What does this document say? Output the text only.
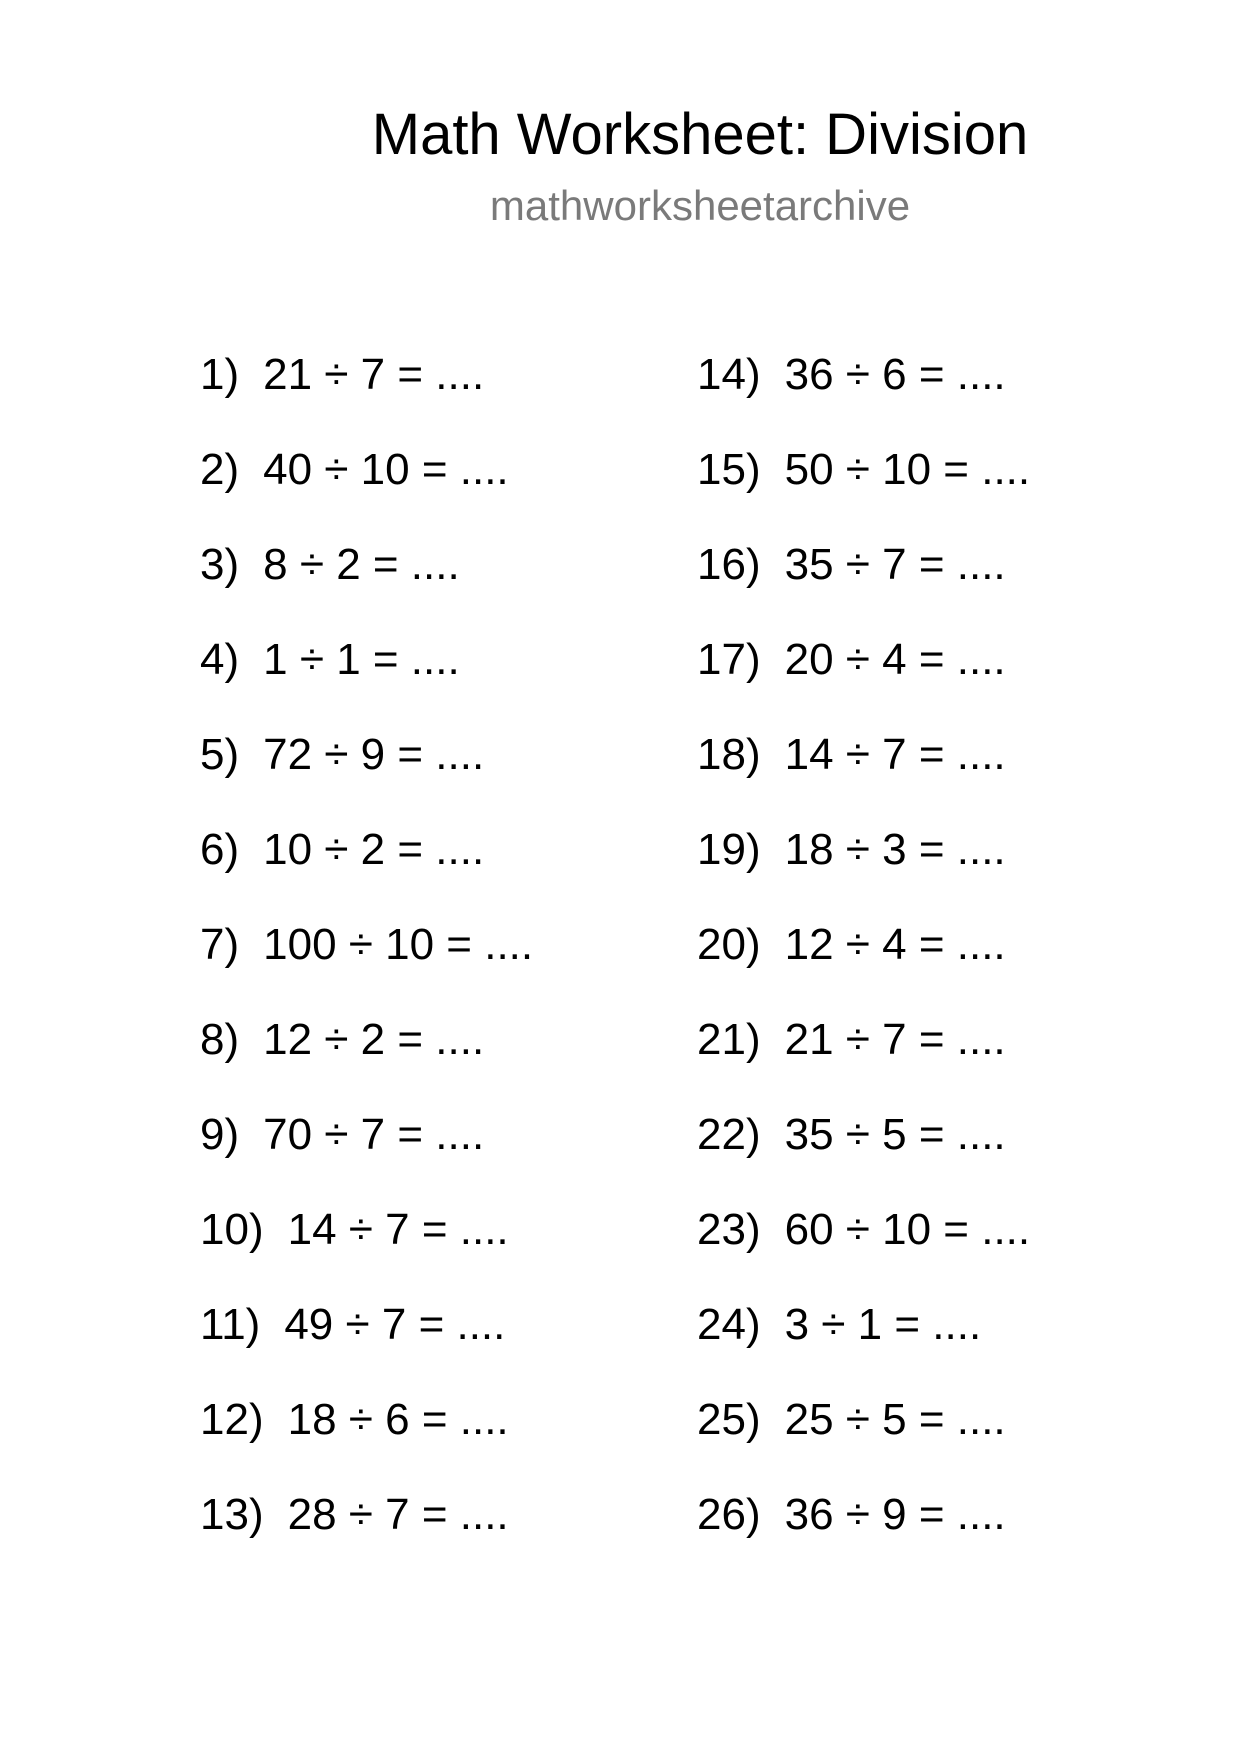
Math Worksheet: Division
mathworksheetarchive
1) 21 ÷ 7 = ....
2) 40 ÷ 10 = ....
3) 8 ÷ 2 = ....
4) 1 ÷ 1 = ....
5) 72 ÷ 9 = ....
6) 10 ÷ 2 = ....
7) 100 ÷ 10 = ....
8) 12 ÷ 2 = ....
9) 70 ÷ 7 = ....
10) 14 ÷ 7 = ....
11) 49 ÷ 7 = ....
12) 18 ÷ 6 = ....
13) 28 ÷ 7 = ....
14) 36 ÷ 6 = ....
15) 50 ÷ 10 = ....
16) 35 ÷ 7 = ....
17) 20 ÷ 4 = ....
18) 14 ÷ 7 = ....
19) 18 ÷ 3 = ....
20) 12 ÷ 4 = ....
21) 21 ÷ 7 = ....
22) 35 ÷ 5 = ....
23) 60 ÷ 10 = ....
24) 3 ÷ 1 = ....
25) 25 ÷ 5 = ....
26) 36 ÷ 9 = ....
